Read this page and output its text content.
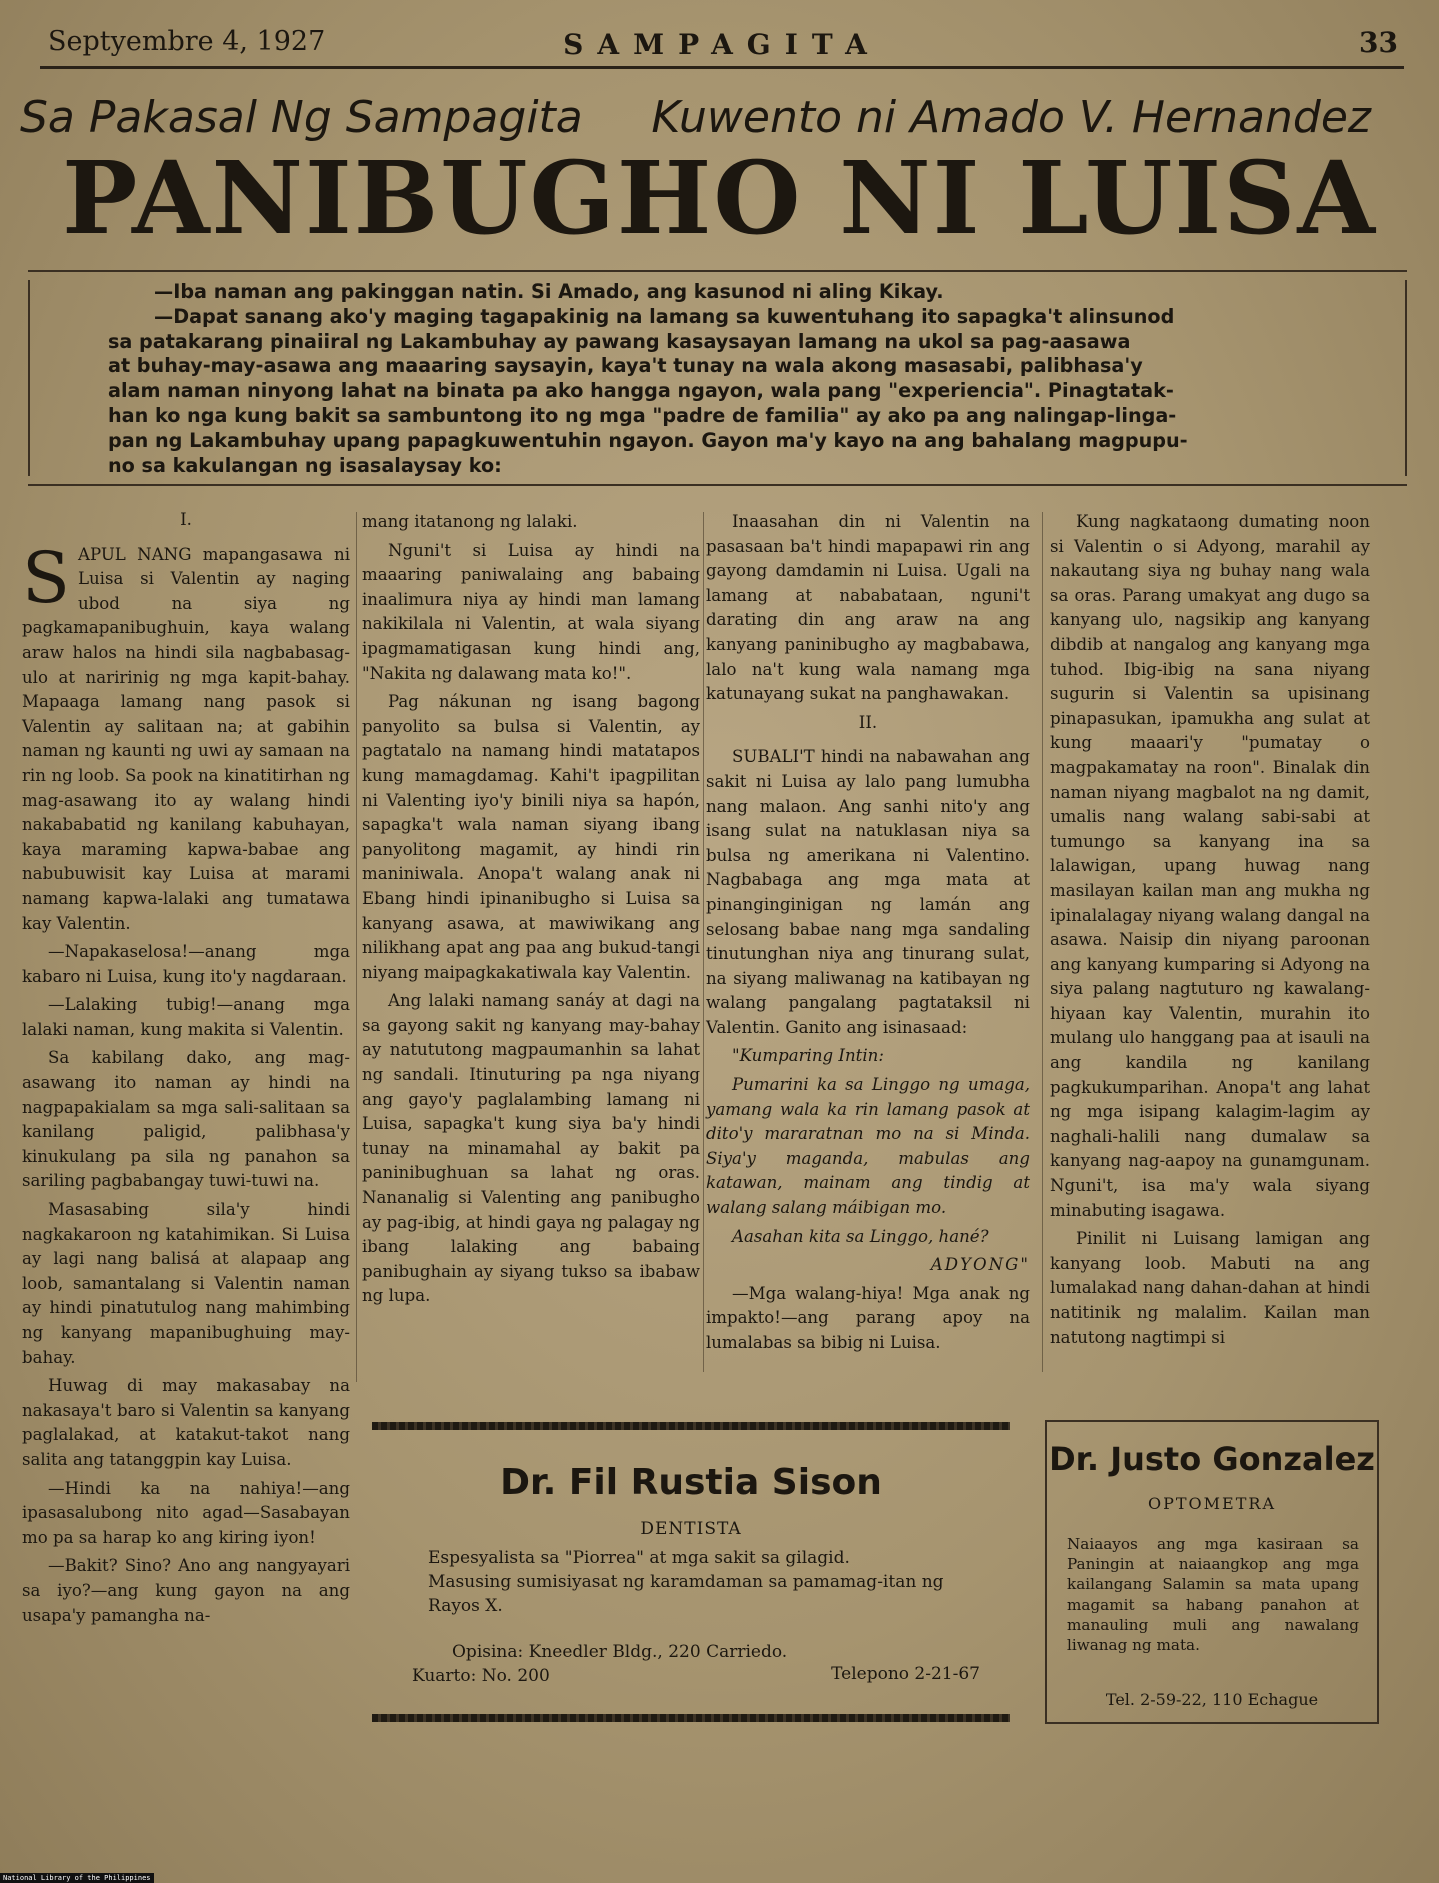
Septyembre 4, 1927	SAMPAGITA	33
Sa Pakasal Ng Sampagita Kuwento ni Amado V. Hernandez
PANIBUGHO NI LUISA

—Iba naman ang pakinggan natin. Si Amado, ang kasunod ni aling Kikay.
—Dapat sanang ako'y maging tagapakinig na lamang sa kuwentuhang ito sapagka't alinsunod
sa patakarang pinaiiral ng Lakambuhay ay pawang kasaysayan lamang na ukol sa pag-aasawa
at buhay-may-asawa ang maaaring saysayin, kaya't tunay na wala akong masasabi, palibhasa'y
alam naman ninyong lahat na binata pa ako hangga ngayon, wala pang "experiencia". Pinagtatak-
han ko nga kung bakit sa sambuntong ito ng mga "padre de familia" ay ako pa ang nalingap-linga-
pan ng Lakambuhay upang papagkuwentuhin ngayon. Gayon ma'y kayo na ang bahalang magpupu-
no sa kakulangan ng isasalaysay ko:

I.

SAPUL NANG mapangasawa ni Luisa si Valentin ay naging ubod na siya ng pagkamapanibughuin, kaya walang araw halos na hindi sila nagbabasag-ulo at naririnig ng mga kapit-bahay. Mapaaga lamang nang pasok si Valentin ay salitaan na; at gabihin naman ng kaunti ng uwi ay samaan na rin ng loob. Sa pook na kinatitirhan ng mag-asawang ito ay walang hindi nakababatid ng kanilang kabuhayan, kaya maraming kapwa-babae ang nabubuwisit kay Luisa at marami namang kapwa-lalaki ang tumatawa kay Valentin.

—Napakaselosa!—anang mga kabaro ni Luisa, kung ito'y nagdaraan.

—Lalaking tubig!—anang mga lalaki naman, kung makita si Valentin.

Sa kabilang dako, ang mag-asawang ito naman ay hindi na nagpapakialam sa mga sali-salitaan sa kanilang paligid, palibhasa'y kinukulang pa sila ng panahon sa sariling pagbabangay tuwi-tuwi na.

Masasabing sila'y hindi nagkakaroon ng katahimikan. Si Luisa ay lagi nang balisá at alapaap ang loob, samantalang si Valentin naman ay hindi pinatutulog nang mahimbing ng kanyang mapanibughuing may-bahay.

Huwag di may makasabay na nakasaya't baro si Valentin sa kanyang paglalakad, at katakut-takot nang salita ang tatanggpin kay Luisa.

—Hindi ka na nahiya!—ang ipasasalubong nito agad—Sasabayan mo pa sa harap ko ang kiring iyon!

—Bakit? Sino? Ano ang nangyayari sa iyo?—ang kung gayon na ang usapa'y pamangha na-

mang itatanong ng lalaki.

Nguni't si Luisa ay hindi na maaaring paniwalaing ang babaing inaalimura niya ay hindi man lamang nakikilala ni Valentin, at wala siyang ipagmamatigasan kung hindi ang, "Nakita ng dalawang mata ko!".

Pag nákunan ng isang bagong panyolito sa bulsa si Valentin, ay pagtatalo na namang hindi matatapos kung mamagdamag. Kahi't ipagpilitan ni Valenting iyo'y binili niya sa hapón, sapagka't wala naman siyang ibang panyolitong magamit, ay hindi rin maniniwala. Anopa't walang anak ni Ebang hindi ipinanibugho si Luisa sa kanyang asawa, at mawiwikang ang nilikhang apat ang paa ang bukud-tangi niyang maipagkakatiwala kay Valentin.

Ang lalaki namang sanáy at dagi na sa gayong sakit ng kanyang may-bahay ay natututong magpaumanhin sa lahat ng sandali. Itinuturing pa nga niyang ang gayo'y paglalambing lamang ni Luisa, sapagka't kung siya ba'y hindi tunay na minamahal ay bakit pa paninibughuan sa lahat ng oras. Nananalig si Valenting ang panibugho ay pag-ibig, at hindi gaya ng palagay ng ibang lalaking ang babaing panibughain ay siyang tukso sa ibabaw ng lupa.

Inaasahan din ni Valentin na pasasaan ba't hindi mapapawi rin ang gayong damdamin ni Luisa. Ugali na lamang at nababataan, nguni't darating din ang araw na ang kanyang paninibugho ay magbabawa, lalo na't kung wala namang mga katunayang sukat na panghawakan.

II.

SUBALI'T hindi na nabawahan ang sakit ni Luisa ay lalo pang lumubha nang malaon. Ang sanhi nito'y ang isang sulat na natuklasan niya sa bulsa ng amerikana ni Valentino. Nagbabaga ang mga mata at pinanginginigan ng lamán ang selosang babae nang mga sandaling tinutunghan niya ang tinurang sulat, na siyang maliwanag na katibayan ng walang pangalang pagtataksil ni Valentin. Ganito ang isinasaad:

"Kumparing Intin:

Pumarini ka sa Linggo ng umaga, yamang wala ka rin lamang pasok at dito'y mararatnan mo na si Minda. Siya'y maganda, mabulas ang katawan, mainam ang tindig at walang salang máibigan mo.

Aasahan kita sa Linggo, hané?

ADYONG"

—Mga walang-hiya! Mga anak ng impakto!—ang parang apoy na lumalabas sa bibig ni Luisa.

Kung nagkataong dumating noon si Valentin o si Adyong, marahil ay nakautang siya ng buhay nang wala sa oras. Parang umakyat ang dugo sa kanyang ulo, nagsikip ang kanyang dibdib at nangalog ang kanyang mga tuhod. Ibig-ibig na sana niyang sugurin si Valentin sa upisinang pinapasukan, ipamukha ang sulat at kung maaari'y "pumatay o magpakamatay na roon". Binalak din naman niyang magbalot na ng damit, umalis nang walang sabi-sabi at tumungo sa kanyang ina sa lalawigan, upang huwag nang masilayan kailan man ang mukha ng ipinalalagay niyang walang dangal na asawa. Naisip din niyang paroonan ang kanyang kumparing si Adyong na siya palang nagtuturo ng kawalang-hiyaan kay Valentin, murahin ito mulang ulo hanggang paa at isauli na ang kandila ng kanilang pagkukumparihan. Anopa't ang lahat ng mga isipang kalagim-lagim ay naghali-halili nang dumalaw sa kanyang nag-aapoy na gunamgunam. Nguni't, isa ma'y wala siyang minabuting isagawa.

Pinilit ni Luisang lamigan ang kanyang loob. Mabuti na ang lumalakad nang dahan-dahan at hindi natitinik ng malalim. Kailan man natutong nagtimpi si

Dr. Fil Rustia Sison
DENTISTA
Espesyalista sa "Piorrea" at mga sakit sa gilagid.
Masusing sumisiyasat ng karamdaman sa pamamag-itan ng Rayos X.
Opisina: Kneedler Bldg., 220 Carriedo.
Kuarto: No. 200	Telepono 2-21-67
Dr. Justo Gonzalez
OPTOMETRA
Naiaayos ang mga kasiraan sa Paningin at naiaangkop ang mga kailangang Salamin sa mata upang magamit sa habang panahon at manauling muli ang nawalang liwanag ng mata.
Tel. 2-59-22, 110 Echague
National Library of the Philippines
